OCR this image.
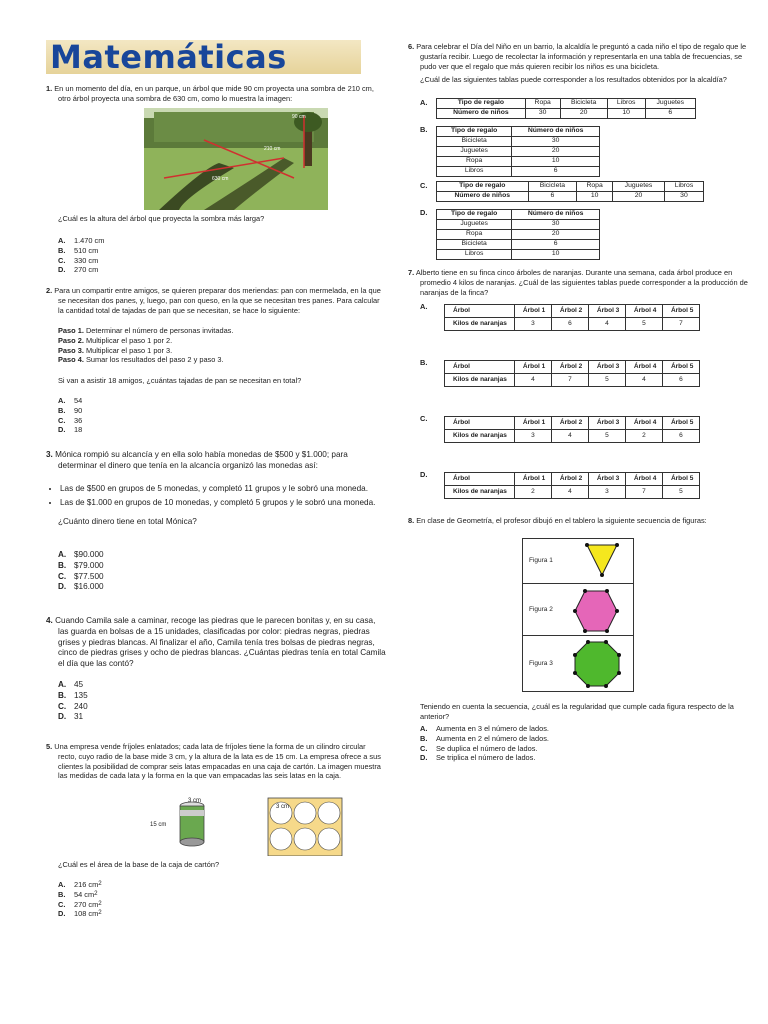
Matemáticas

1. En un momento del día, en un parque, un árbol que mide 90 cm proyecta una sombra de 210 cm, otro árbol proyecta una sombra de 630 cm, como lo muestra la imagen:

90 cm
210 cm
630 cm

¿Cuál es la altura del árbol que proyecta la sombra más larga?

A.	1.470 cm
B.	510 cm
C.	330 cm
D.	270 cm

2. Para un compartir entre amigos, se quieren preparar dos meriendas: pan con mermelada, en la que se necesitan dos panes, y, luego, pan con queso, en la que se necesitan tres panes. Para calcular la cantidad total de tajadas de pan que se necesitan, se hace lo siguiente:

Paso 1. Determinar el número de personas invitadas.

Paso 2. Multiplicar el paso 1 por 2.

Paso 3. Multiplicar el paso 1 por 3.

Paso 4. Sumar los resultados del paso 2 y paso 3.

Si van a asistir 18 amigos, ¿cuántas tajadas de pan se necesitan en total?

A.	54
B.	90
C.	36
D.	18

3. Mónica rompió su alcancía y en ella solo había monedas de $500 y $1.000; para determinar el dinero que tenía en la alcancía organizó las monedas así:

• Las de $500 en grupos de 5 monedas, y completó 11 grupos y le sobró una moneda.
• Las de $1.000 en grupos de 10 monedas, y completó 5 grupos y le sobró una moneda.

¿Cuánto dinero tiene en total Mónica?

A. $90.000
B. $79.000
C. $77.500
D. $16.000

4. Cuando Camila sale a caminar, recoge las piedras que le parecen bonitas y, en su casa, las guarda en bolsas de a 15 unidades, clasificadas por color: piedras negras, piedras grises y piedras blancas. Al finalizar el año, Camila tenía tres bolsas de piedras negras, cinco de piedras grises y ocho de piedras blancas. ¿Cuántas piedras tenía en total Camila el día que las contó?

A. 45
B. 135
C. 240
D. 31

5. Una empresa vende fríjoles enlatados; cada lata de fríjoles tiene la forma de un cilindro circular recto, cuyo radio de la base mide 3 cm, y la altura de la lata es de 15 cm. La empresa ofrece a sus clientes la posibilidad de comprar seis latas empacadas en una caja de cartón. La imagen muestra las medidas de cada lata y la forma en la que van empacadas las seis latas en la caja.

15 cm
3 cm
3 cm

¿Cuál es el área de la base de la caja de cartón?

A.	216 cm 2
B.	54 cm 2
C.	270 cm 2
D.	108 cm 2

6. Para celebrar el Día del Niño en un barrio, la alcaldía le preguntó a cada niño el tipo de regalo que le gustaría recibir. Luego de recolectar la información y representarla en una tabla de frecuencias, se pudo ver que el regalo que más quieren recibir los niños es una bicicleta.

¿Cuál de las siguientes tablas puede corresponder a los resultados obtenidos por la alcaldía?

A.	Tipo de regalo	Ropa	Bicicleta	Libros	Juguetes
Número de niños	30	20	10	6
B.	Tipo de regalo	Número de niños
Bicicleta	30
Juguetes	20
Ropa	10
Libros	6
C.	Tipo de regalo	Bicicleta	Ropa	Juguetes	Libros
Número de niños	6	10	20	30
D.	Tipo de regalo	Número de niños
Juguetes	30
Ropa	20
Bicicleta	6
Libros	10

7. Alberto tiene en su finca cinco árboles de naranjas. Durante una semana, cada árbol produce en promedio 4 kilos de naranjas. ¿Cuál de las siguientes tablas puede corresponder a la producción de naranjas de la finca?

A.	Árbol	Árbol 1	Árbol 2	Árbol 3	Árbol 4	Árbol 5
Kilos de naranjas	3	6	4	5	7
B.	Árbol	Árbol 1	Árbol 2	Árbol 3	Árbol 4	Árbol 5
Kilos de naranjas	4	7	5	4	6
C.	Árbol	Árbol 1	Árbol 2	Árbol 3	Árbol 4	Árbol 5
Kilos de naranjas	3	4	5	2	6
D.	Árbol	Árbol 1	Árbol 2	Árbol 3	Árbol 4	Árbol 5
Kilos de naranjas	2	4	3	7	5

8. En clase de Geometría, el profesor dibujó en el tablero la siguiente secuencia de figuras:

Figura 1
Figura 2
Figura 3

Teniendo en cuenta la secuencia, ¿cuál es la regularidad que cumple cada figura respecto de la anterior?

A.	Aumenta en 3 el número de lados.
B.	Aumenta en 2 el número de lados.
C.	Se duplica el número de lados.
D.	Se triplica el número de lados.
